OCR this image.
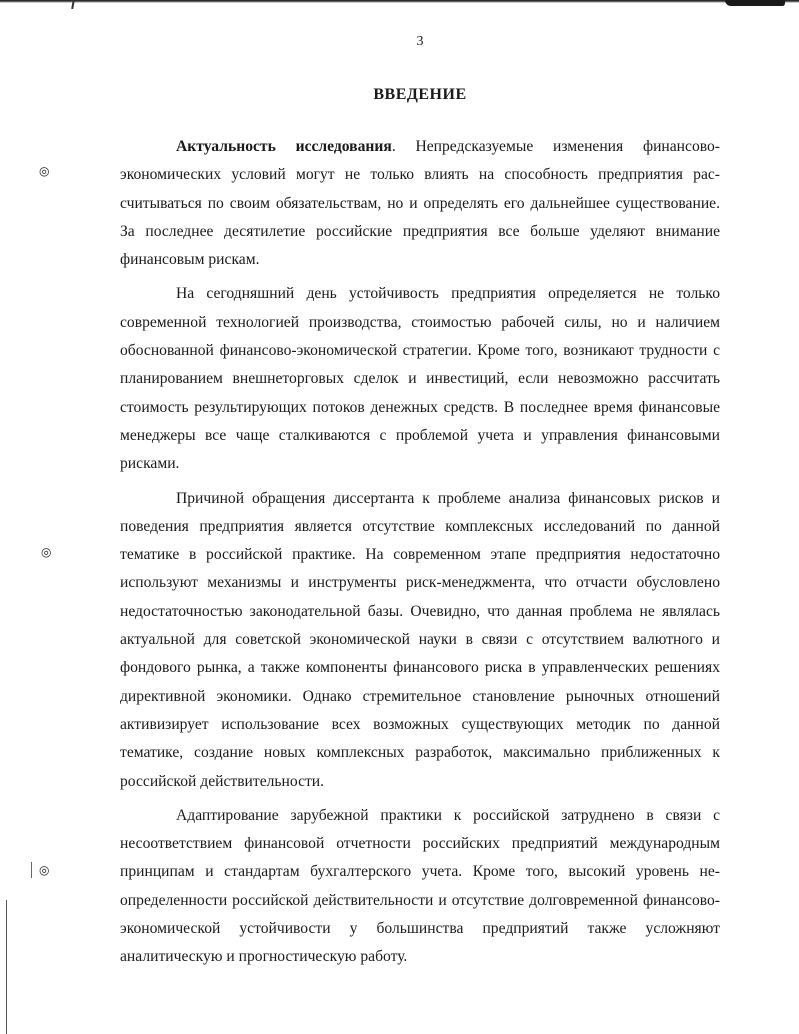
◎
◎
◎
3
ВВЕДЕНИЕ

Актуальность исследования. Непредсказуемые изменения финансово-экономических условий могут не только влиять на способность предприятия рассчитываться по своим обязательствам, но и определять его дальнейшее существование. За последнее десятилетие российские предприятия все больше уделяют внимание финансовым рискам.

На сегодняшний день устойчивость предприятия определяется не только современной технологией производства, стоимостью рабочей силы, но и наличием обоснованной финансово-экономической стратегии. Кроме того, возникают трудности с планированием внешнеторговых сделок и инвестиций, если невозможно рассчитать стоимость результирующих потоков денежных средств. В последнее время финансовые менеджеры все чаще сталкиваются с проблемой учета и управления финансовыми рисками.

Причиной обращения диссертанта к проблеме анализа финансовых рисков и поведения предприятия является отсутствие комплексных исследований по данной тематике в российской практике. На современном этапе предприятия недостаточно используют механизмы и инструменты риск-менеджмента, что отчасти обусловлено недостаточностью законодательной базы. Очевидно, что данная проблема не являлась актуальной для советской экономической науки в связи с отсутствием валютного и фондового рынка, а также компоненты финансового риска в управленческих решениях директивной экономики. Однако стремительное становление рыночных отношений активизирует использование всех возможных существующих методик по данной тематике, создание новых комплексных разработок, максимально приближенных к российской действительности.

Адаптирование зарубежной практики к российской затруднено в связи с несоответствием финансовой отчетности российских предприятий международным принципам и стандартам бухгалтерского учета. Кроме того, высокий уровень неопределенности российской действительности и отсутствие долговременной финансово-экономической устойчивости у большинства предприятий также усложняют аналитическую и прогностическую работу.
